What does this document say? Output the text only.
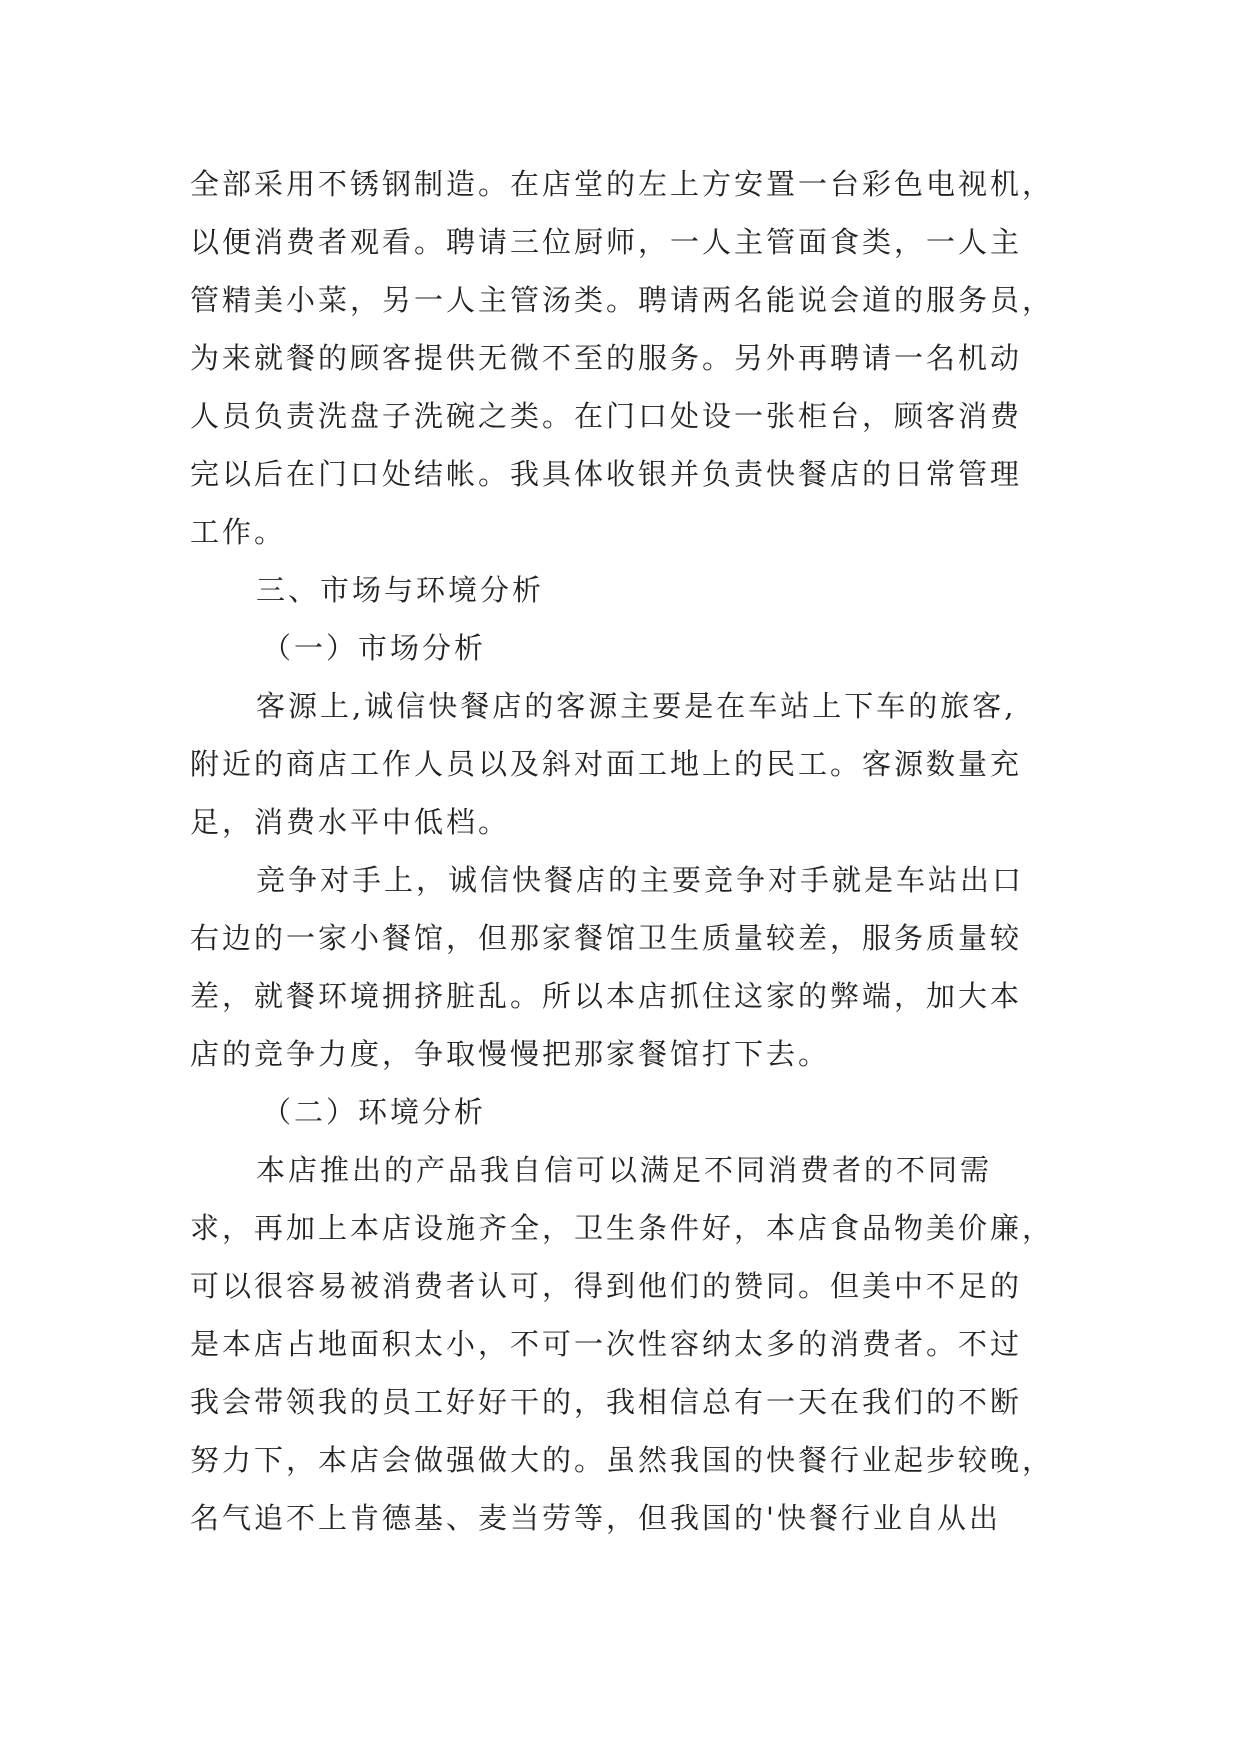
全部采用不锈钢制造。在店堂的左上方安置一台彩色电视机，
以便消费者观看。聘请三位厨师，一人主管面食类，一人主
管精美小菜，另一人主管汤类。聘请两名能说会道的服务员，
为来就餐的顾客提供无微不至的服务。另外再聘请一名机动
人员负责洗盘子洗碗之类。在门口处设一张柜台，顾客消费
完以后在门口处结帐。我具体收银并负责快餐店的日常管理
工作。
三、市场与环境分析
（一）市场分析
客源上,诚信快餐店的客源主要是在车站上下车的旅客,
附近的商店工作人员以及斜对面工地上的民工。客源数量充
足，消费水平中低档。
竞争对手上，诚信快餐店的主要竞争对手就是车站出口
右边的一家小餐馆，但那家餐馆卫生质量较差，服务质量较
差，就餐环境拥挤脏乱。所以本店抓住这家的弊端，加大本
店的竞争力度，争取慢慢把那家餐馆打下去。
（二）环境分析
本店推出的产品我自信可以满足不同消费者的不同需
求，再加上本店设施齐全，卫生条件好，本店食品物美价廉，
可以很容易被消费者认可，得到他们的赞同。但美中不足的
是本店占地面积太小，不可一次性容纳太多的消费者。不过
我会带领我的员工好好干的，我相信总有一天在我们的不断
努力下，本店会做强做大的。虽然我国的快餐行业起步较晚，
名气追不上肯德基、麦当劳等，但我国的'快餐行业自从出
